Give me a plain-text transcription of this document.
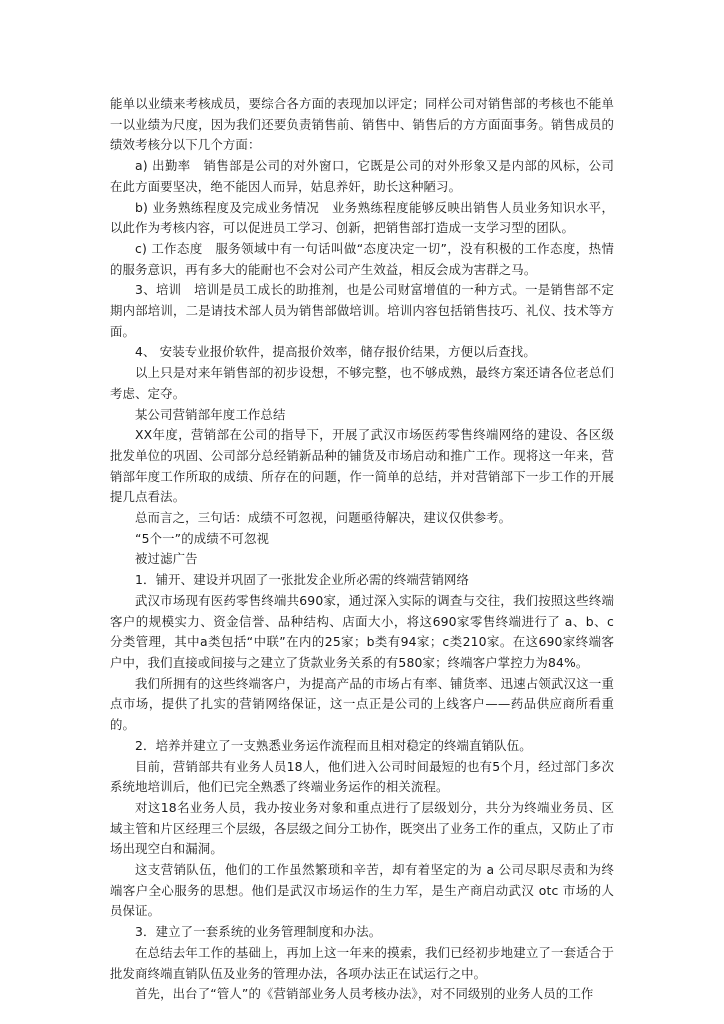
能单以业绩来考核成员，要综合各方面的表现加以评定；同样公司对销售部的考核也不能单一以业绩为尺度，因为我们还要负责销售前、销售中、销售后的方方面面事务。销售成员的绩效考核分以下几个方面：

a) 出勤率　销售部是公司的对外窗口，它既是公司的对外形象又是内部的风标，公司在此方面要坚决，绝不能因人而异，姑息养奸，助长这种陋习。

b) 业务熟练程度及完成业务情况　业务熟练程度能够反映出销售人员业务知识水平，以此作为考核内容，可以促进员工学习、创新，把销售部打造成一支学习型的团队。

c) 工作态度　服务领域中有一句话叫做“态度决定一切”，没有积极的工作态度，热情的服务意识，再有多大的能耐也不会对公司产生效益，相反会成为害群之马。

3、培训　培训是员工成长的助推剂，也是公司财富增值的一种方式。一是销售部不定期内部培训，二是请技术部人员为销售部做培训。培训内容包括销售技巧、礼仪、技术等方面。

4、 安装专业报价软件，提高报价效率，储存报价结果，方便以后查找。

以上只是对来年销售部的初步设想，不够完整，也不够成熟，最终方案还请各位老总们考虑、定夺。

某公司营销部年度工作总结

XX年度，营销部在公司的指导下，开展了武汉市场医药零售终端网络的建设、各区级批发单位的巩固、公司部分总经销新品种的铺货及市场启动和推广工作。现将这一年来，营销部年度工作所取的成绩、所存在的问题，作一简单的总结，并对营销部下一步工作的开展提几点看法。

总而言之，三句话：成绩不可忽视，问题亟待解决，建议仅供参考。

“5个一”的成绩不可忽视

被过滤广告

1．铺开、建设并巩固了一张批发企业所必需的终端营销网络

武汉市场现有医药零售终端共690家，通过深入实际的调查与交往，我们按照这些终端客户的规模实力、资金信誉、品种结构、店面大小，将这690家零售终端进行了 a、b、c 分类管理，其中a类包括“中联”在内的25家；b类有94家；c类210家。在这690家终端客户中，我们直接或间接与之建立了货款业务关系的有580家；终端客户掌控力为84%。

我们所拥有的这些终端客户，为提高产品的市场占有率、铺货率、迅速占领武汉这一重点市场，提供了扎实的营销网络保证，这一点正是公司的上线客户——药品供应商所看重的。

2．培养并建立了一支熟悉业务运作流程而且相对稳定的终端直销队伍。

目前，营销部共有业务人员18人，他们进入公司时间最短的也有5个月，经过部门多次系统地培训后，他们已完全熟悉了终端业务运作的相关流程。

对这18名业务人员，我办按业务对象和重点进行了层级划分，共分为终端业务员、区域主管和片区经理三个层级，各层级之间分工协作，既突出了业务工作的重点，又防止了市场出现空白和漏洞。

这支营销队伍，他们的工作虽然繁琐和辛苦，却有着坚定的为 a 公司尽职尽责和为终端客户全心服务的思想。他们是武汉市场运作的生力军，是生产商启动武汉 otc 市场的人员保证。

3．建立了一套系统的业务管理制度和办法。

在总结去年工作的基础上，再加上这一年来的摸索，我们已经初步地建立了一套适合于批发商终端直销队伍及业务的管理办法，各项办法正在试运行之中。

首先，出台了“管人”的《营销部业务人员考核办法》，对不同级别的业务人员的工作
